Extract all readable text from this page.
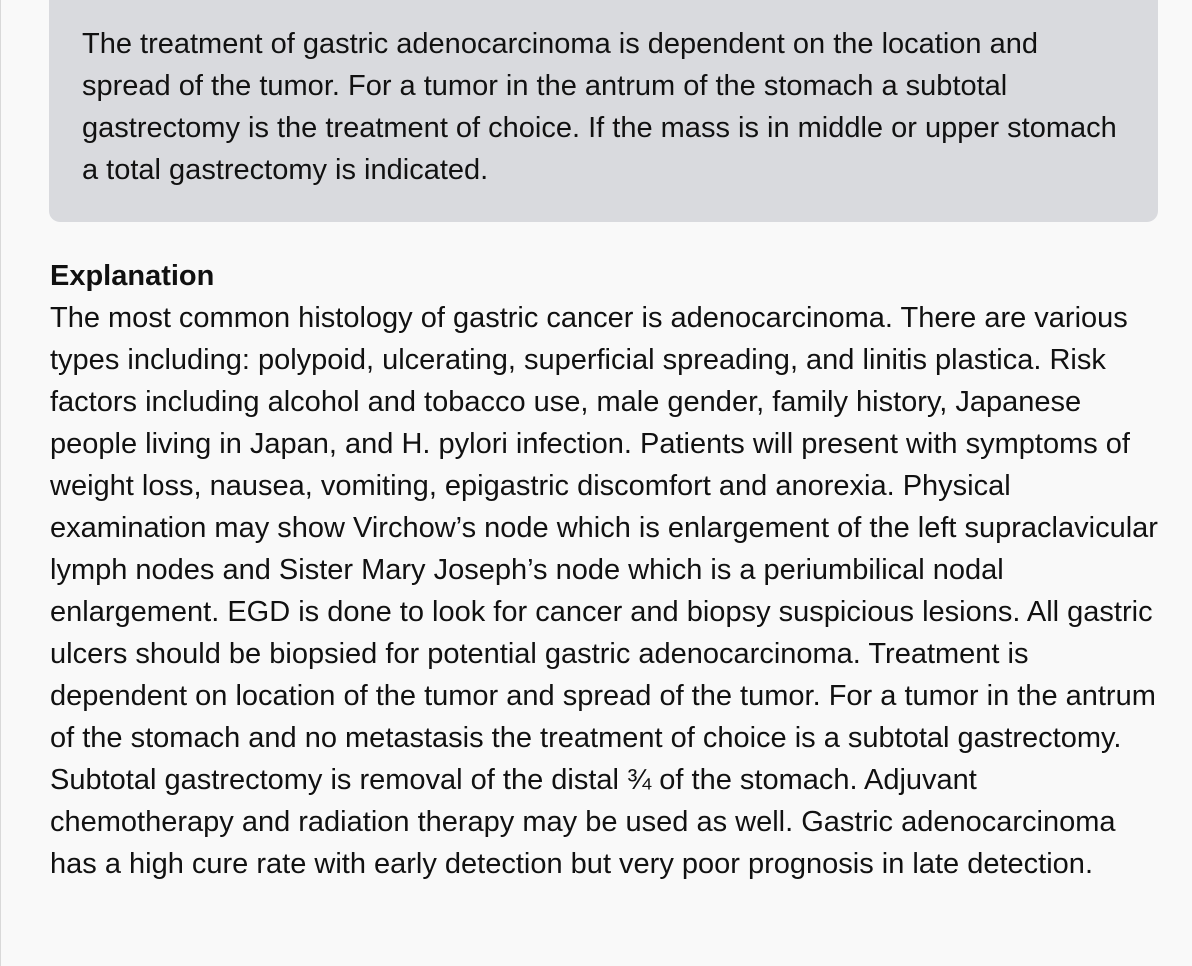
The treatment of gastric adenocarcinoma is dependent on the location and spread of the tumor. For a tumor in the antrum of the stomach a subtotal gastrectomy is the treatment of choice. If the mass is in middle or upper stomach a total gastrectomy is indicated.

Explanation

The most common histology of gastric cancer is adenocarcinoma. There are various types including: polypoid, ulcerating, superficial spreading, and linitis plastica. Risk factors including alcohol and tobacco use, male gender, family history, Japanese people living in Japan, and H. pylori infection. Patients will present with symptoms of weight loss, nausea, vomiting, epigastric discomfort and anorexia. Physical examination may show Virchow’s node which is enlargement of the left supraclavicular lymph nodes and Sister Mary Joseph’s node which is a periumbilical nodal enlargement. EGD is done to look for cancer and biopsy suspicious lesions. All gastric ulcers should be biopsied for potential gastric adenocarcinoma. Treatment is dependent on location of the tumor and spread of the tumor. For a tumor in the antrum of the stomach and no metastasis the treatment of choice is a subtotal gastrectomy. Subtotal gastrectomy is removal of the distal ¾ of the stomach. Adjuvant chemotherapy and radiation therapy may be used as well. Gastric adenocarcinoma has a high cure rate with early detection but very poor prognosis in late detection.
